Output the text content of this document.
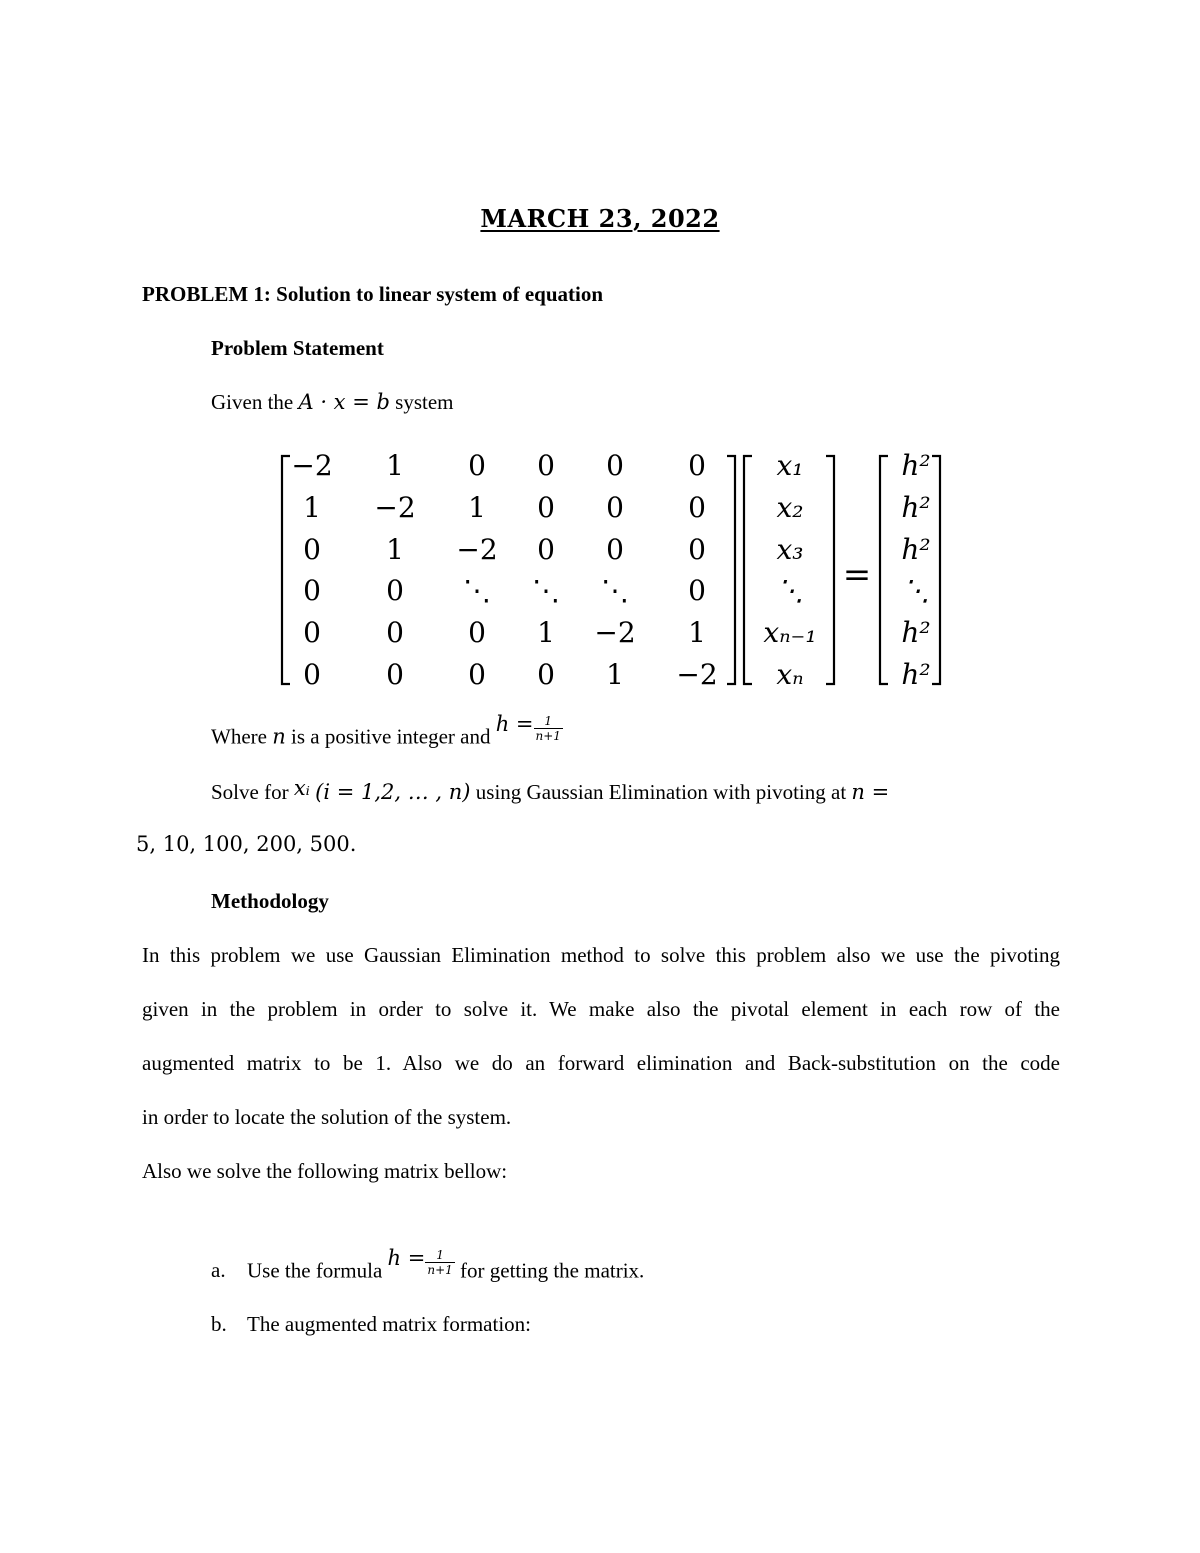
MARCH 23, 2022
PROBLEM 1: Solution to linear system of equation
Problem Statement
Given the A · x = b system
−2	1	0	0	0	0
1	−2	1	0	0	0
0	1	−2	0	0	0
0	0	⋱	⋱	⋱	0
0	0	0	1	−2	1
0	0	0	0	1	−2
x₁
x₂
x₃
⋱
xₙ₋₁
xₙ
h²
h²
h²
⋱
h²
h²
=
Where n is a positive integer and $h = \frac{1}{n+1}$
Solve for xᵢ (i = 1,2, … , n) using Gaussian Elimination with pivoting at n =
5, 10, 100, 200, 500.
Methodology
In this problem we use Gaussian Elimination method to solve this problem also we use the pivoting
given in the problem in order to solve it. We make also the pivotal element in each row of the
augmented matrix to be 1. Also we do an forward elimination and Back-substitution on the code
in order to locate the solution of the system.
Also we solve the following matrix bellow:
a. Use the formula $h = \frac{1}{n+1}$ for getting the matrix.
b. The augmented matrix formation:
